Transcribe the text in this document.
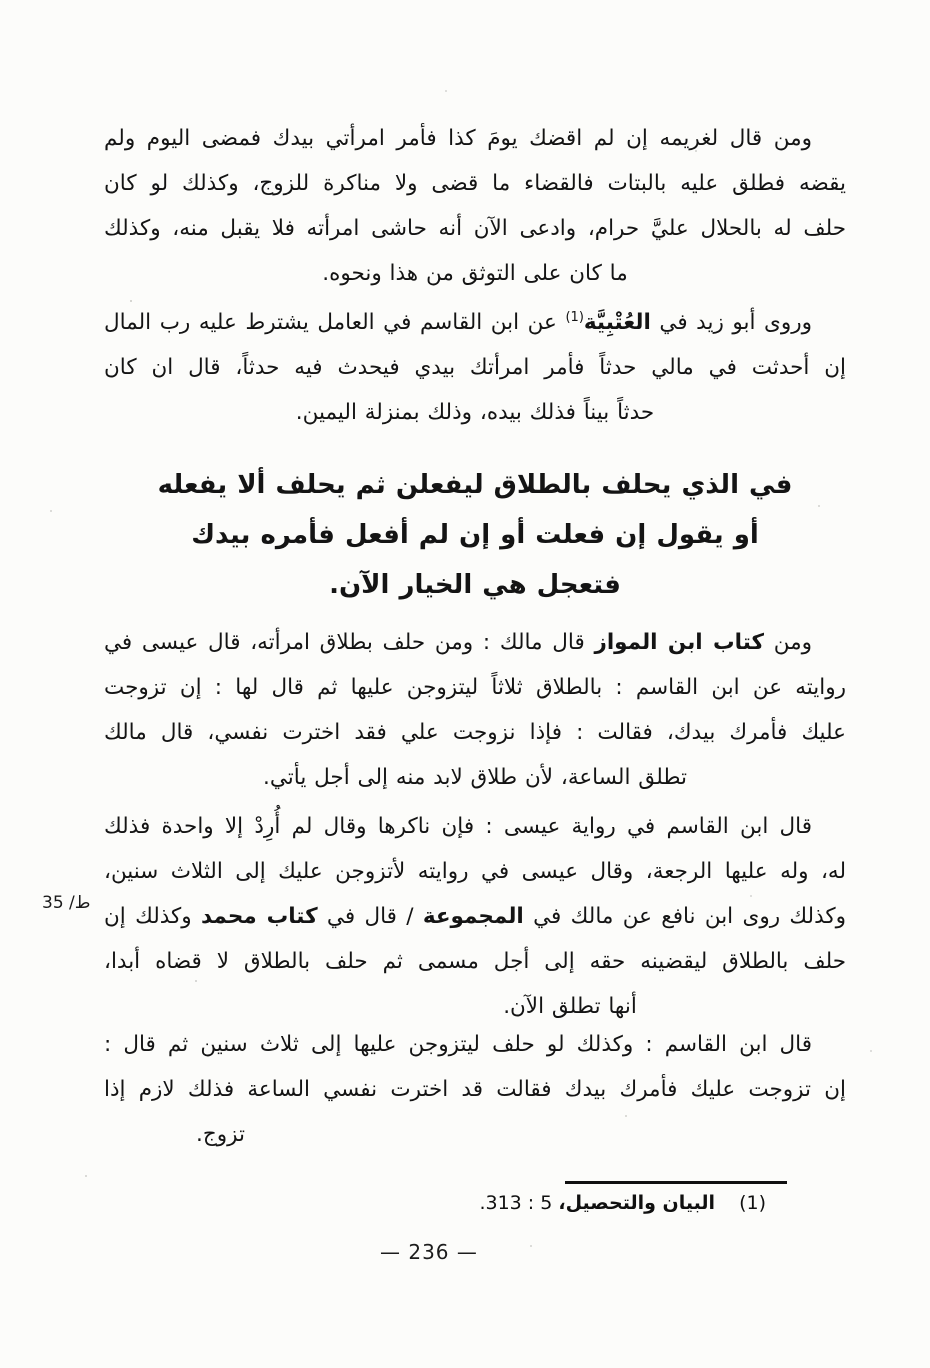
ط/ 35
ومن قال لغريمه إن لم اقضك يومَ كذا فأمر امرأتي بيدك فمضى اليوم ولم
يقضه فطلق عليه بالبتات فالقضاء ما قضى ولا مناكرة للزوج، وكذلك لو كان
حلف له بالحلال عليَّ حرام، وادعى الآن أنه حاشى امرأته فلا يقبل منه، وكذلك
ما كان على التوثق من هذا ونحوه.
وروى أبو زيد في العُتْبِيَّة$^{(1)}$ عن ابن القاسم في العامل يشترط عليه رب المال
إن أحدثت في مالي حدثاً فأمر امرأتك بيدي فيحدث فيه حدثاً، قال ان كان
حدثاً بيناً فذلك بيده، وذلك بمنزلة اليمين.
في الذي يحلف بالطلاق ليفعلن ثم يحلف ألا يفعله
أو يقول إن فعلت أو إن لم أفعل فأمره بيدك
فتعجل هي الخيار الآن.
ومن كتاب ابن المواز قال مالك : ومن حلف بطلاق امرأته، قال عيسى في
روايته عن ابن القاسم : بالطلاق ثلاثاً ليتزوجن عليها ثم قال لها : إن تزوجت
عليك فأمرك بيدك، فقالت : فإذا نزوجت علي فقد اخترت نفسي، قال مالك
تطلق الساعة، لأن طلاق لابد منه إلى أجل يأتي.
قال ابن القاسم في رواية عيسى : فإن ناكرها وقال لم أُرِدْ إلا واحدة فذلك
له، وله عليها الرجعة، وقال عيسى في روايته لأتزوجن عليك إلى الثلاث سنين،
وكذلك روى ابن نافع عن مالك في المجموعة / قال في كتاب محمد وكذلك إن
حلف بالطلاق ليقضينه حقه إلى أجل مسمى ثم حلف بالطلاق لا قضاه أبدا،
أنها تطلق الآن.
قال ابن القاسم : وكذلك لو حلف ليتزوجن عليها إلى ثلاث سنين ثم قال :
إن تزوجت عليك فأمرك بيدك فقالت قد اخترت نفسي الساعة فذلك لازم إذا
تزوج.
(1)
البيان والتحصيل، 5 : 313.
— 236 —
